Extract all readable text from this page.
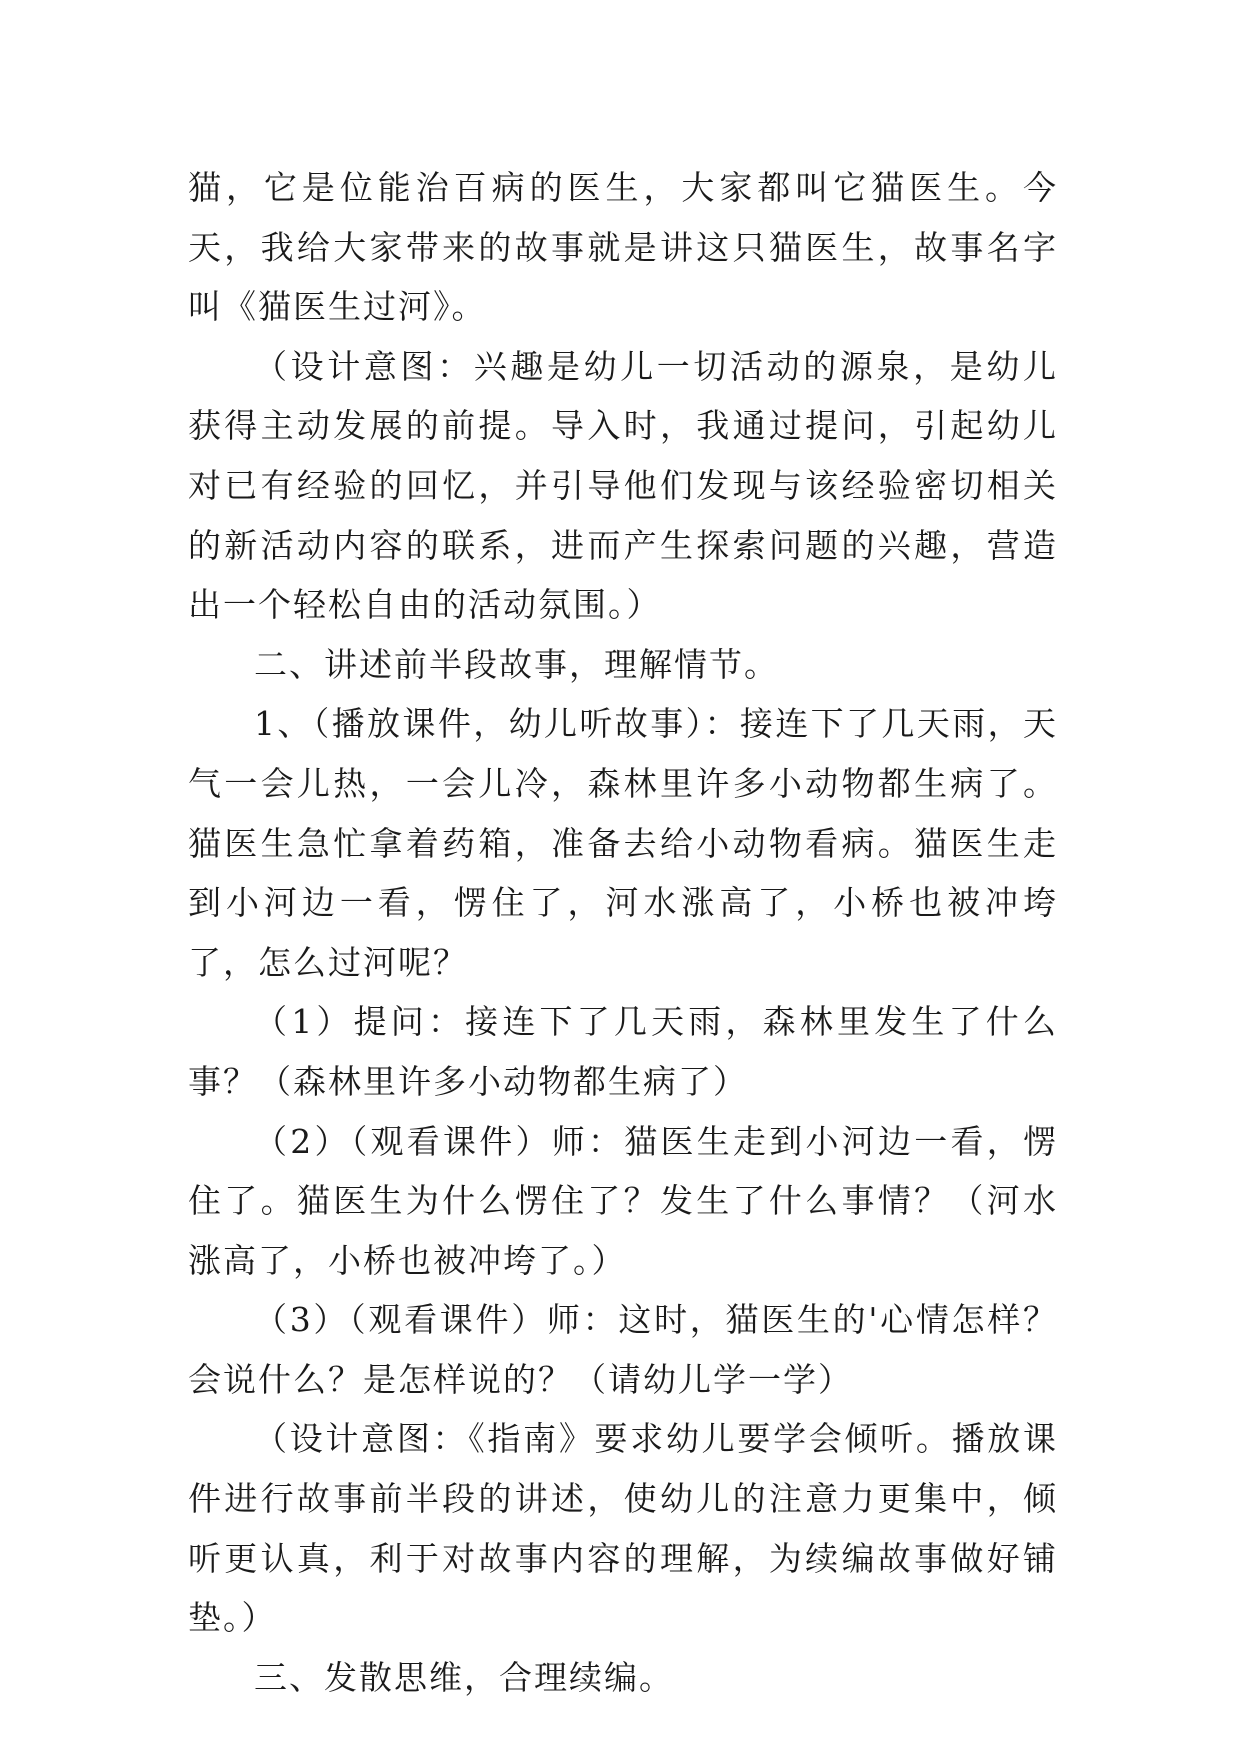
猫，它是位能治百病的医生，大家都叫它猫医生。今天，我给大家带来的故事就是讲这只猫医生，故事名字叫《猫医生过河》。

（设计意图：兴趣是幼儿一切活动的源泉，是幼儿获得主动发展的前提。导入时，我通过提问，引起幼儿对已有经验的回忆，并引导他们发现与该经验密切相关的新活动内容的联系，进而产生探索问题的兴趣，营造出一个轻松自由的活动氛围。）

二、讲述前半段故事，理解情节。

1、（播放课件，幼儿听故事）：接连下了几天雨，天气一会儿热，一会儿冷，森林里许多小动物都生病了。猫医生急忙拿着药箱，准备去给小动物看病。猫医生走到小河边一看，愣住了，河水涨高了，小桥也被冲垮了，怎么过河呢？

（1）提问：接连下了几天雨，森林里发生了什么事？（森林里许多小动物都生病了）

（2）（观看课件）师：猫医生走到小河边一看，愣住了。猫医生为什么愣住了？发生了什么事情？（河水涨高了，小桥也被冲垮了。）

（3）（观看课件）师：这时，猫医生的'心情怎样？会说什么？是怎样说的？（请幼儿学一学）

（设计意图：《指南》要求幼儿要学会倾听。播放课件进行故事前半段的讲述，使幼儿的注意力更集中，倾听更认真，利于对故事内容的理解，为续编故事做好铺垫。）

三、发散思维，合理续编。
